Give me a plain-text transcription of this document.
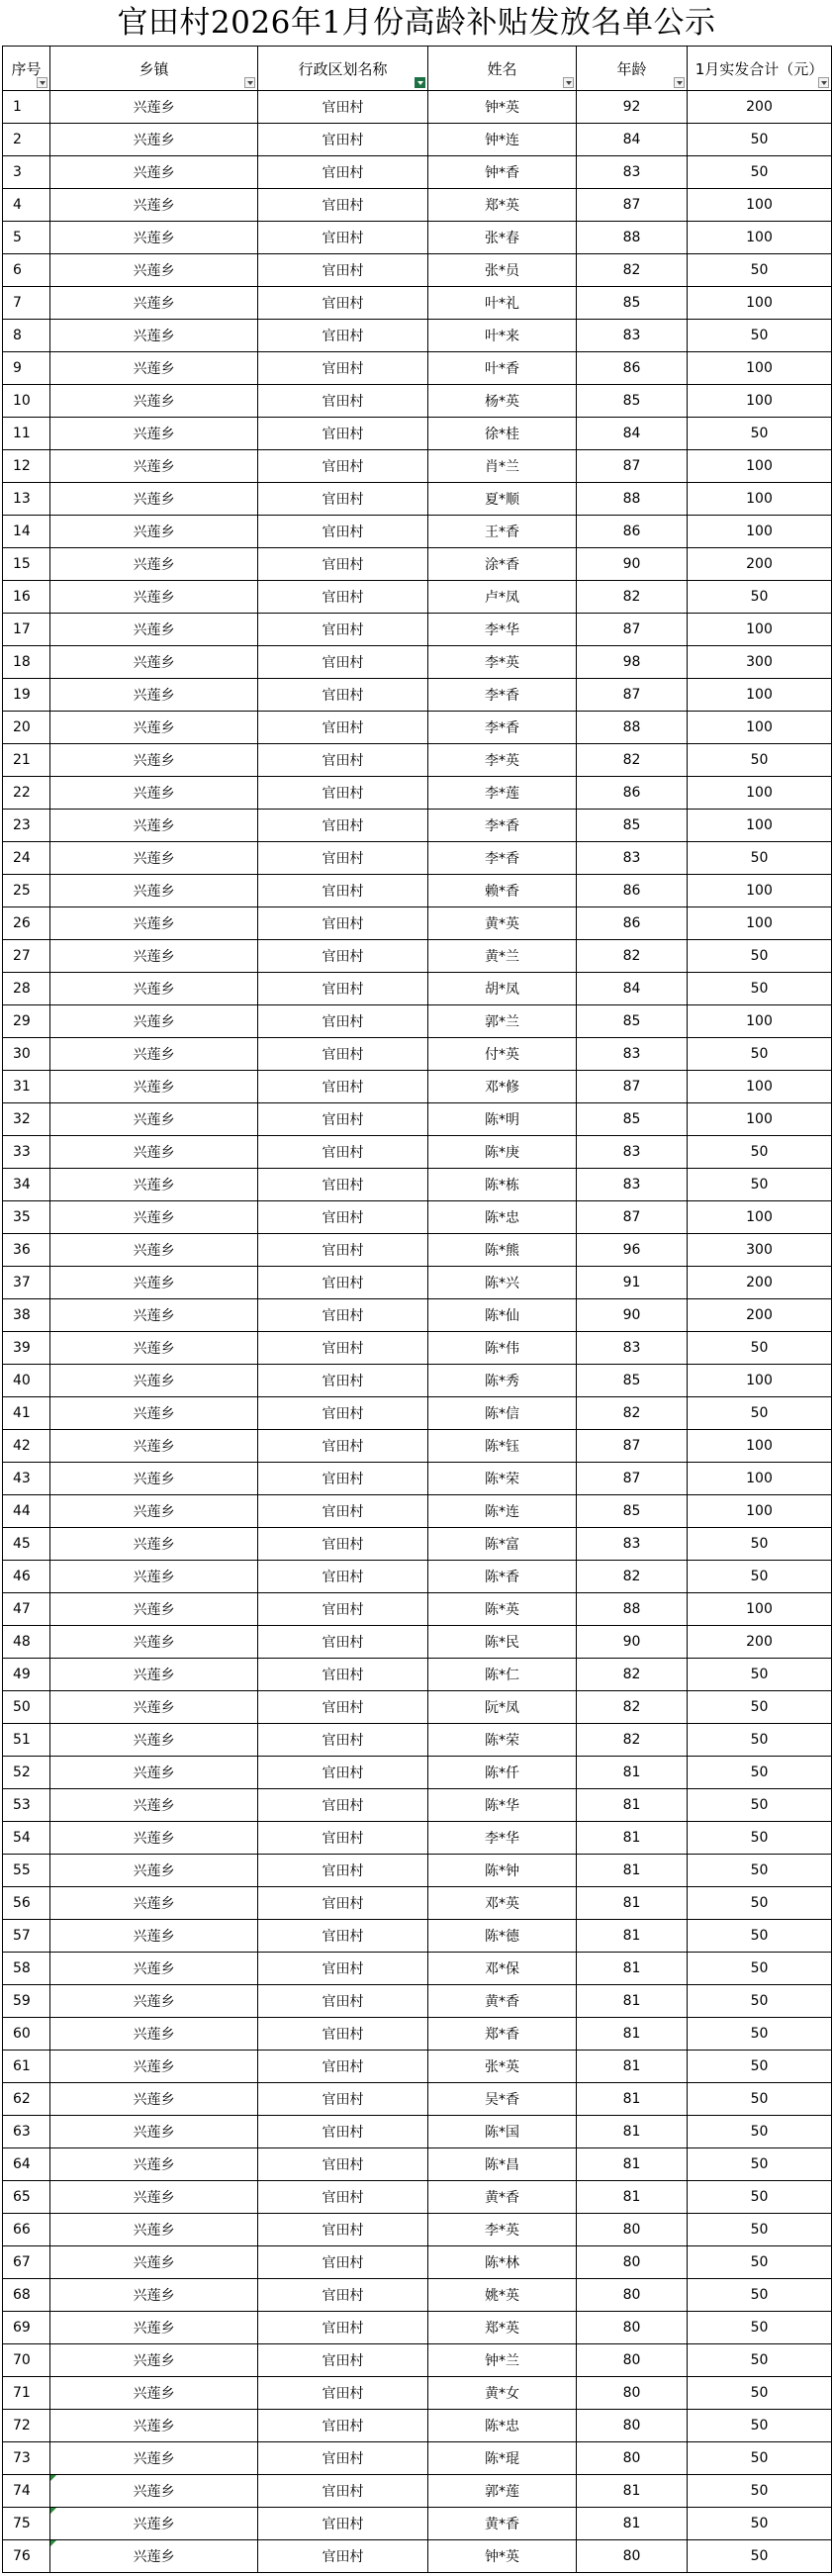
官田村2026年1月份高龄补贴发放名单公示
序号	乡镇	行政区划名称	姓名	年龄	1月实发合计（元）

1	兴莲乡	官田村	钟*英	92	200
2	兴莲乡	官田村	钟*连	84	50
3	兴莲乡	官田村	钟*香	83	50
4	兴莲乡	官田村	郑*英	87	100
5	兴莲乡	官田村	张*春	88	100
6	兴莲乡	官田村	张*员	82	50
7	兴莲乡	官田村	叶*礼	85	100
8	兴莲乡	官田村	叶*来	83	50
9	兴莲乡	官田村	叶*香	86	100
10	兴莲乡	官田村	杨*英	85	100
11	兴莲乡	官田村	徐*桂	84	50
12	兴莲乡	官田村	肖*兰	87	100
13	兴莲乡	官田村	夏*顺	88	100
14	兴莲乡	官田村	王*香	86	100
15	兴莲乡	官田村	涂*香	90	200
16	兴莲乡	官田村	卢*凤	82	50
17	兴莲乡	官田村	李*华	87	100
18	兴莲乡	官田村	李*英	98	300
19	兴莲乡	官田村	李*香	87	100
20	兴莲乡	官田村	李*香	88	100
21	兴莲乡	官田村	李*英	82	50
22	兴莲乡	官田村	李*莲	86	100
23	兴莲乡	官田村	李*香	85	100
24	兴莲乡	官田村	李*香	83	50
25	兴莲乡	官田村	赖*香	86	100
26	兴莲乡	官田村	黄*英	86	100
27	兴莲乡	官田村	黄*兰	82	50
28	兴莲乡	官田村	胡*凤	84	50
29	兴莲乡	官田村	郭*兰	85	100
30	兴莲乡	官田村	付*英	83	50
31	兴莲乡	官田村	邓*修	87	100
32	兴莲乡	官田村	陈*明	85	100
33	兴莲乡	官田村	陈*庚	83	50
34	兴莲乡	官田村	陈*栋	83	50
35	兴莲乡	官田村	陈*忠	87	100
36	兴莲乡	官田村	陈*熊	96	300
37	兴莲乡	官田村	陈*兴	91	200
38	兴莲乡	官田村	陈*仙	90	200
39	兴莲乡	官田村	陈*伟	83	50
40	兴莲乡	官田村	陈*秀	85	100
41	兴莲乡	官田村	陈*信	82	50
42	兴莲乡	官田村	陈*钰	87	100
43	兴莲乡	官田村	陈*荣	87	100
44	兴莲乡	官田村	陈*连	85	100
45	兴莲乡	官田村	陈*富	83	50
46	兴莲乡	官田村	陈*香	82	50
47	兴莲乡	官田村	陈*英	88	100
48	兴莲乡	官田村	陈*民	90	200
49	兴莲乡	官田村	陈*仁	82	50
50	兴莲乡	官田村	阮*凤	82	50
51	兴莲乡	官田村	陈*荣	82	50
52	兴莲乡	官田村	陈*仟	81	50
53	兴莲乡	官田村	陈*华	81	50
54	兴莲乡	官田村	李*华	81	50
55	兴莲乡	官田村	陈*钟	81	50
56	兴莲乡	官田村	邓*英	81	50
57	兴莲乡	官田村	陈*德	81	50
58	兴莲乡	官田村	邓*保	81	50
59	兴莲乡	官田村	黄*香	81	50
60	兴莲乡	官田村	郑*香	81	50
61	兴莲乡	官田村	张*英	81	50
62	兴莲乡	官田村	吴*香	81	50
63	兴莲乡	官田村	陈*国	81	50
64	兴莲乡	官田村	陈*昌	81	50
65	兴莲乡	官田村	黄*香	81	50
66	兴莲乡	官田村	李*英	80	50
67	兴莲乡	官田村	陈*林	80	50
68	兴莲乡	官田村	姚*英	80	50
69	兴莲乡	官田村	郑*英	80	50
70	兴莲乡	官田村	钟*兰	80	50
71	兴莲乡	官田村	黄*女	80	50
72	兴莲乡	官田村	陈*忠	80	50
73	兴莲乡	官田村	陈*琨	80	50
74	兴莲乡	官田村	郭*莲	81	50
75	兴莲乡	官田村	黄*香	81	50
76	兴莲乡	官田村	钟*英	80	50
